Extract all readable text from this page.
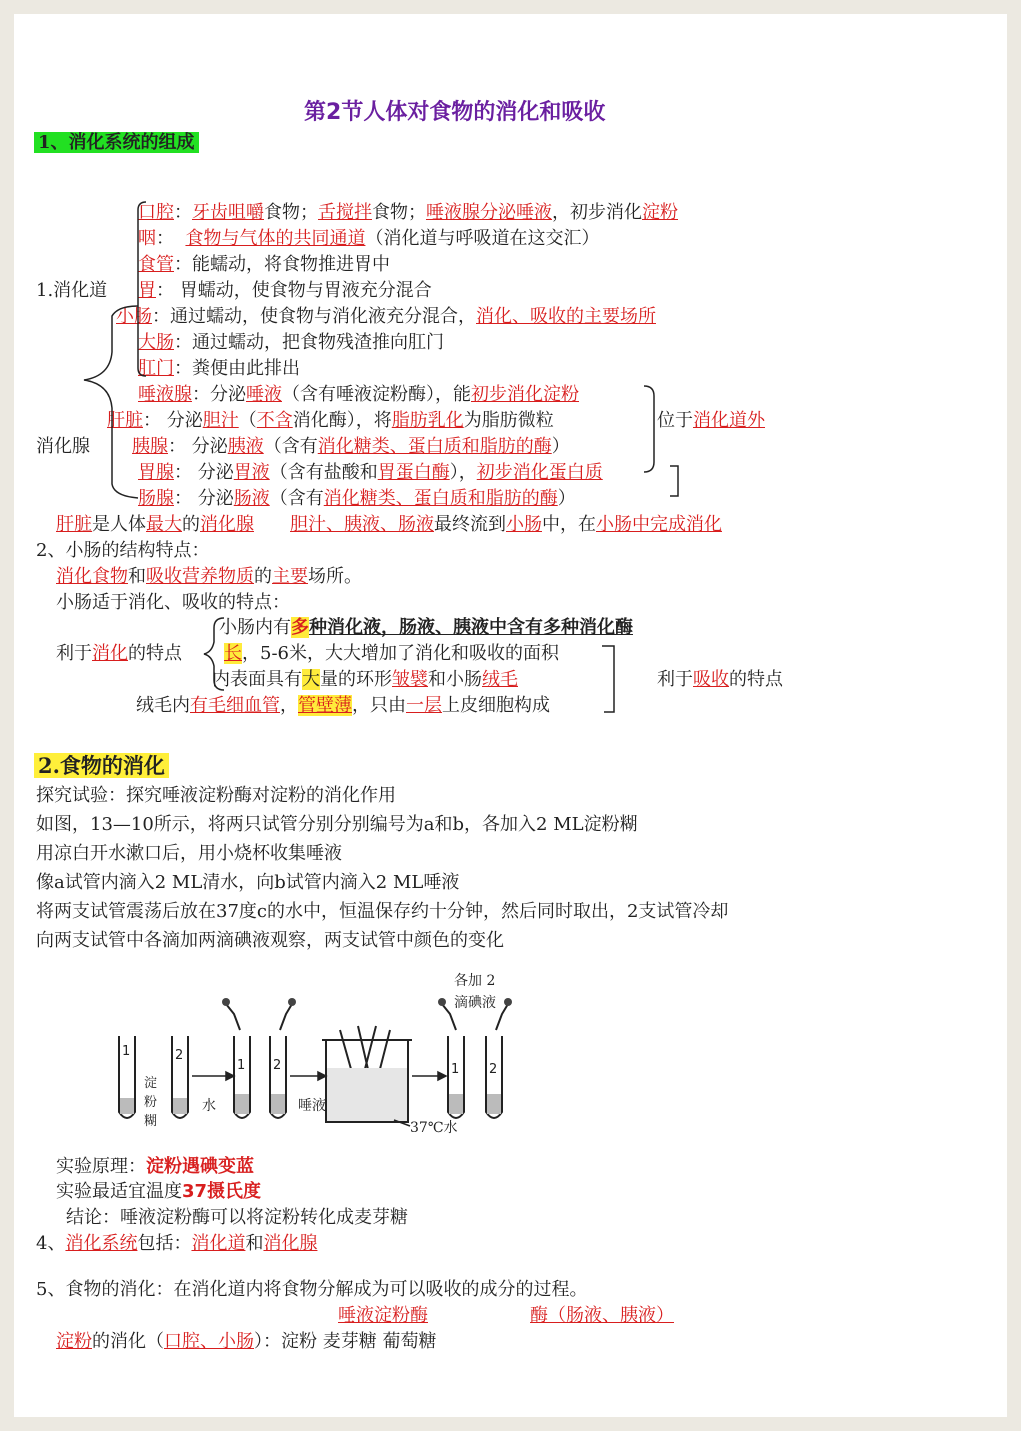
第2节人体对食物的消化和吸收
1、消化系统的组成
1.消化道
口腔：牙齿咀嚼食物；舌搅拌食物；唾液腺分泌唾液，初步消化淀粉
咽： 食物与气体的共同通道（消化道与呼吸道在这交汇）
食管：能蠕动，将食物推进胃中
胃： 胃蠕动，使食物与胃液充分混合
小肠：通过蠕动，使食物与消化液充分混合，消化、吸收的主要场所
大肠：通过蠕动，把食物残渣推向肛门
肛门：粪便由此排出
消化腺
唾液腺：分泌唾液（含有唾液淀粉酶），能初步消化淀粉
肝脏： 分泌胆汁（不含消化酶），将脂肪乳化为脂肪微粒
胰腺： 分泌胰液（含有消化糖类、蛋白质和脂肪的酶）
胃腺： 分泌胃液（含有盐酸和胃蛋白酶），初步消化蛋白质
肠腺： 分泌肠液（含有消化糖类、蛋白质和脂肪的酶）
位于消化道外
肝脏是人体最大的消化腺 胆汁、胰液、肠液最终流到小肠中，在小肠中完成消化
2、小肠的结构特点：
消化食物和吸收营养物质的主要场所。
小肠适于消化、吸收的特点：
利于消化的特点
小肠内有多种消化液，肠液、胰液中含有多种消化酶
长，5-6米，大大增加了消化和吸收的面积
内表面具有大量的环形皱襞和小肠绒毛
绒毛内有毛细血管，管壁薄，只由一层上皮细胞构成
利于吸收的特点
2.食物的消化
探究试验：探究唾液淀粉酶对淀粉的消化作用
如图，13—10所示，将两只试管分别分别编号为a和b，各加入2 ML淀粉糊
用凉白开水漱口后，用小烧杯收集唾液
像a试管内滴入2 ML清水，向b试管内滴入2 ML唾液
将两支试管震荡后放在37度c的水中，恒温保存约十分钟，然后同时取出，2支试管冷却
向两支试管中各滴加两滴碘液观察，两支试管中颜色的变化
1	2
1 2	1 2
淀
粉
糊
水	唾液
37℃水
各加 2
滴碘液
实验原理：淀粉遇碘变蓝
实验最适宜温度37摄氏度
结论：唾液淀粉酶可以将淀粉转化成麦芽糖
4、消化系统包括：消化道和消化腺
5、食物的消化：在消化道内将食物分解成为可以吸收的成分的过程。
唾液淀粉酶	酶（肠液、胰液）
淀粉的消化（口腔、小肠）：淀粉 麦芽糖 葡萄糖
